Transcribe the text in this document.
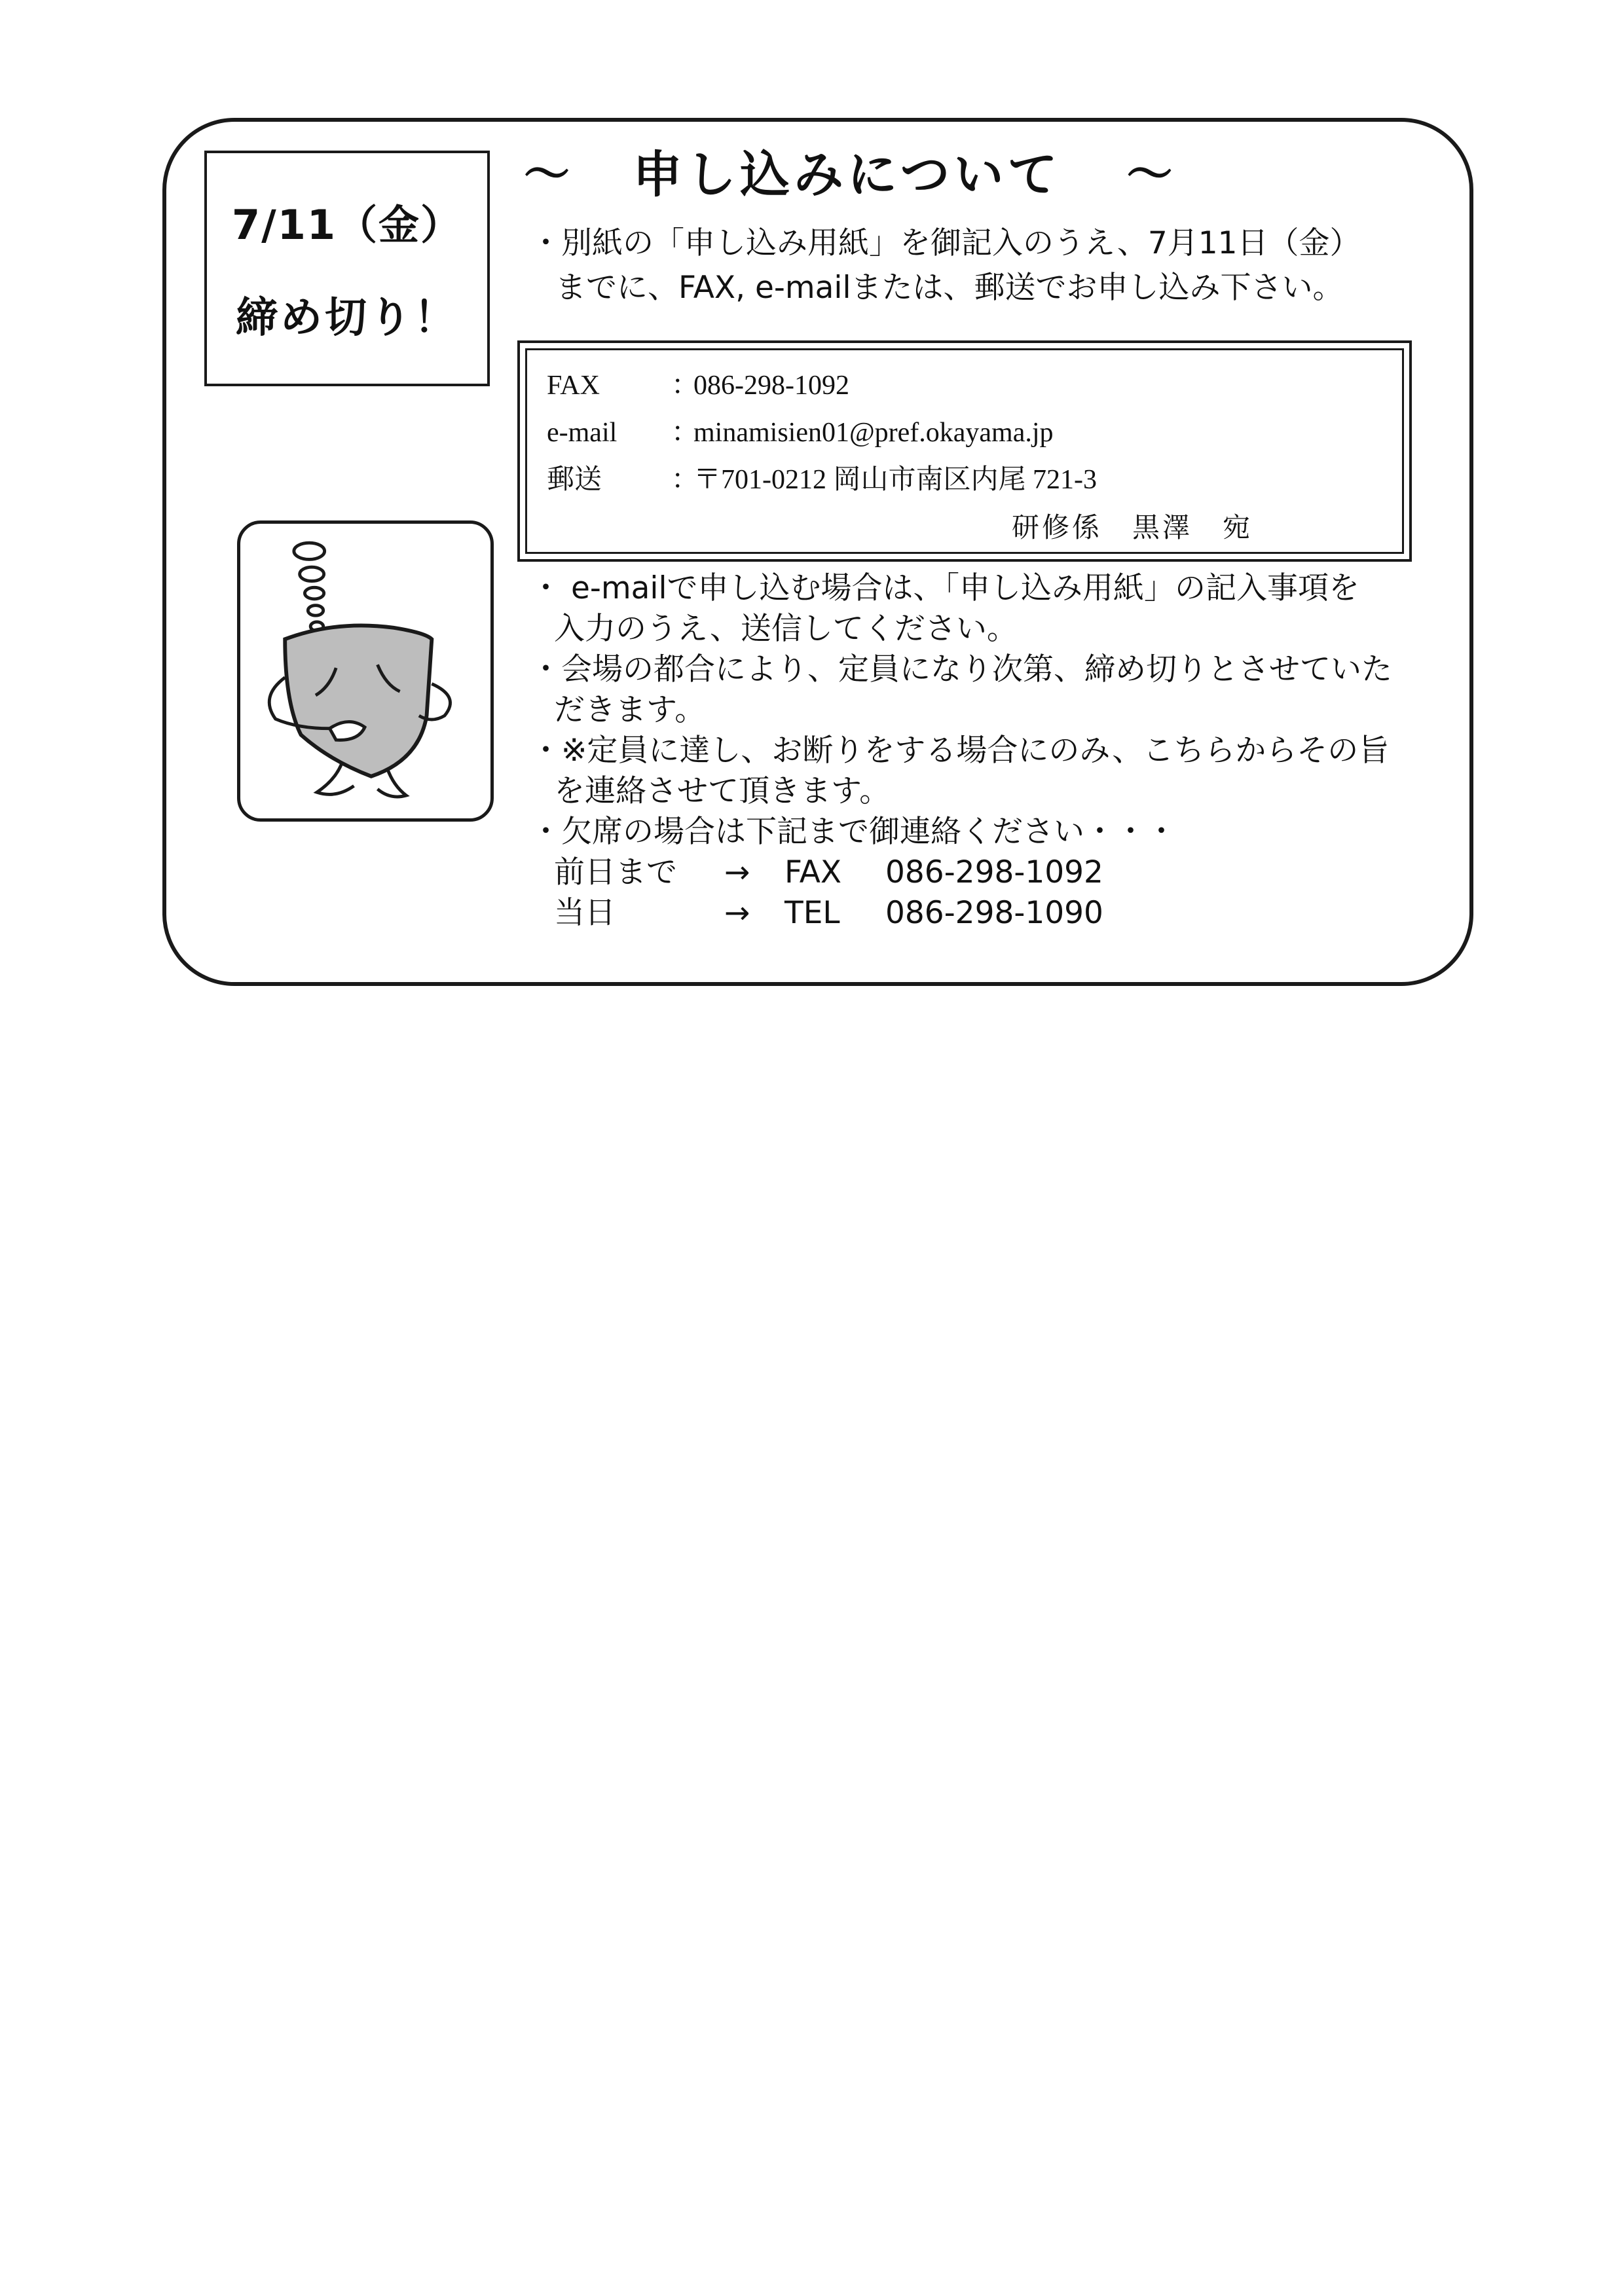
7/11（金）
締め切り！
～ 申し込みについて ～
・別紙の「申し込み用紙」を御記入のうえ、7月11日（金）
までに、FAX, e-mailまたは、郵送でお申し込み下さい。
FAX	：086-298-1092
e-mail ：minamisien01@pref.okayama.jp
郵送	：〒701-0212 岡山市南区内尾 721-3
研修係　黒澤　宛

・ e-mailで申し込む場合は、「申し込み用紙」の記入事項を
入力のうえ、送信してください。

・会場の都合により、定員になり次第、締め切りとさせていた
だきます。

・※定員に達し、お断りをする場合にのみ、こちらからその旨
を連絡させて頂きます。

・欠席の場合は下記まで御連絡ください・・・
前日まで	→	FAX	086-298-1092
当日	→	TEL	086-298-1090
